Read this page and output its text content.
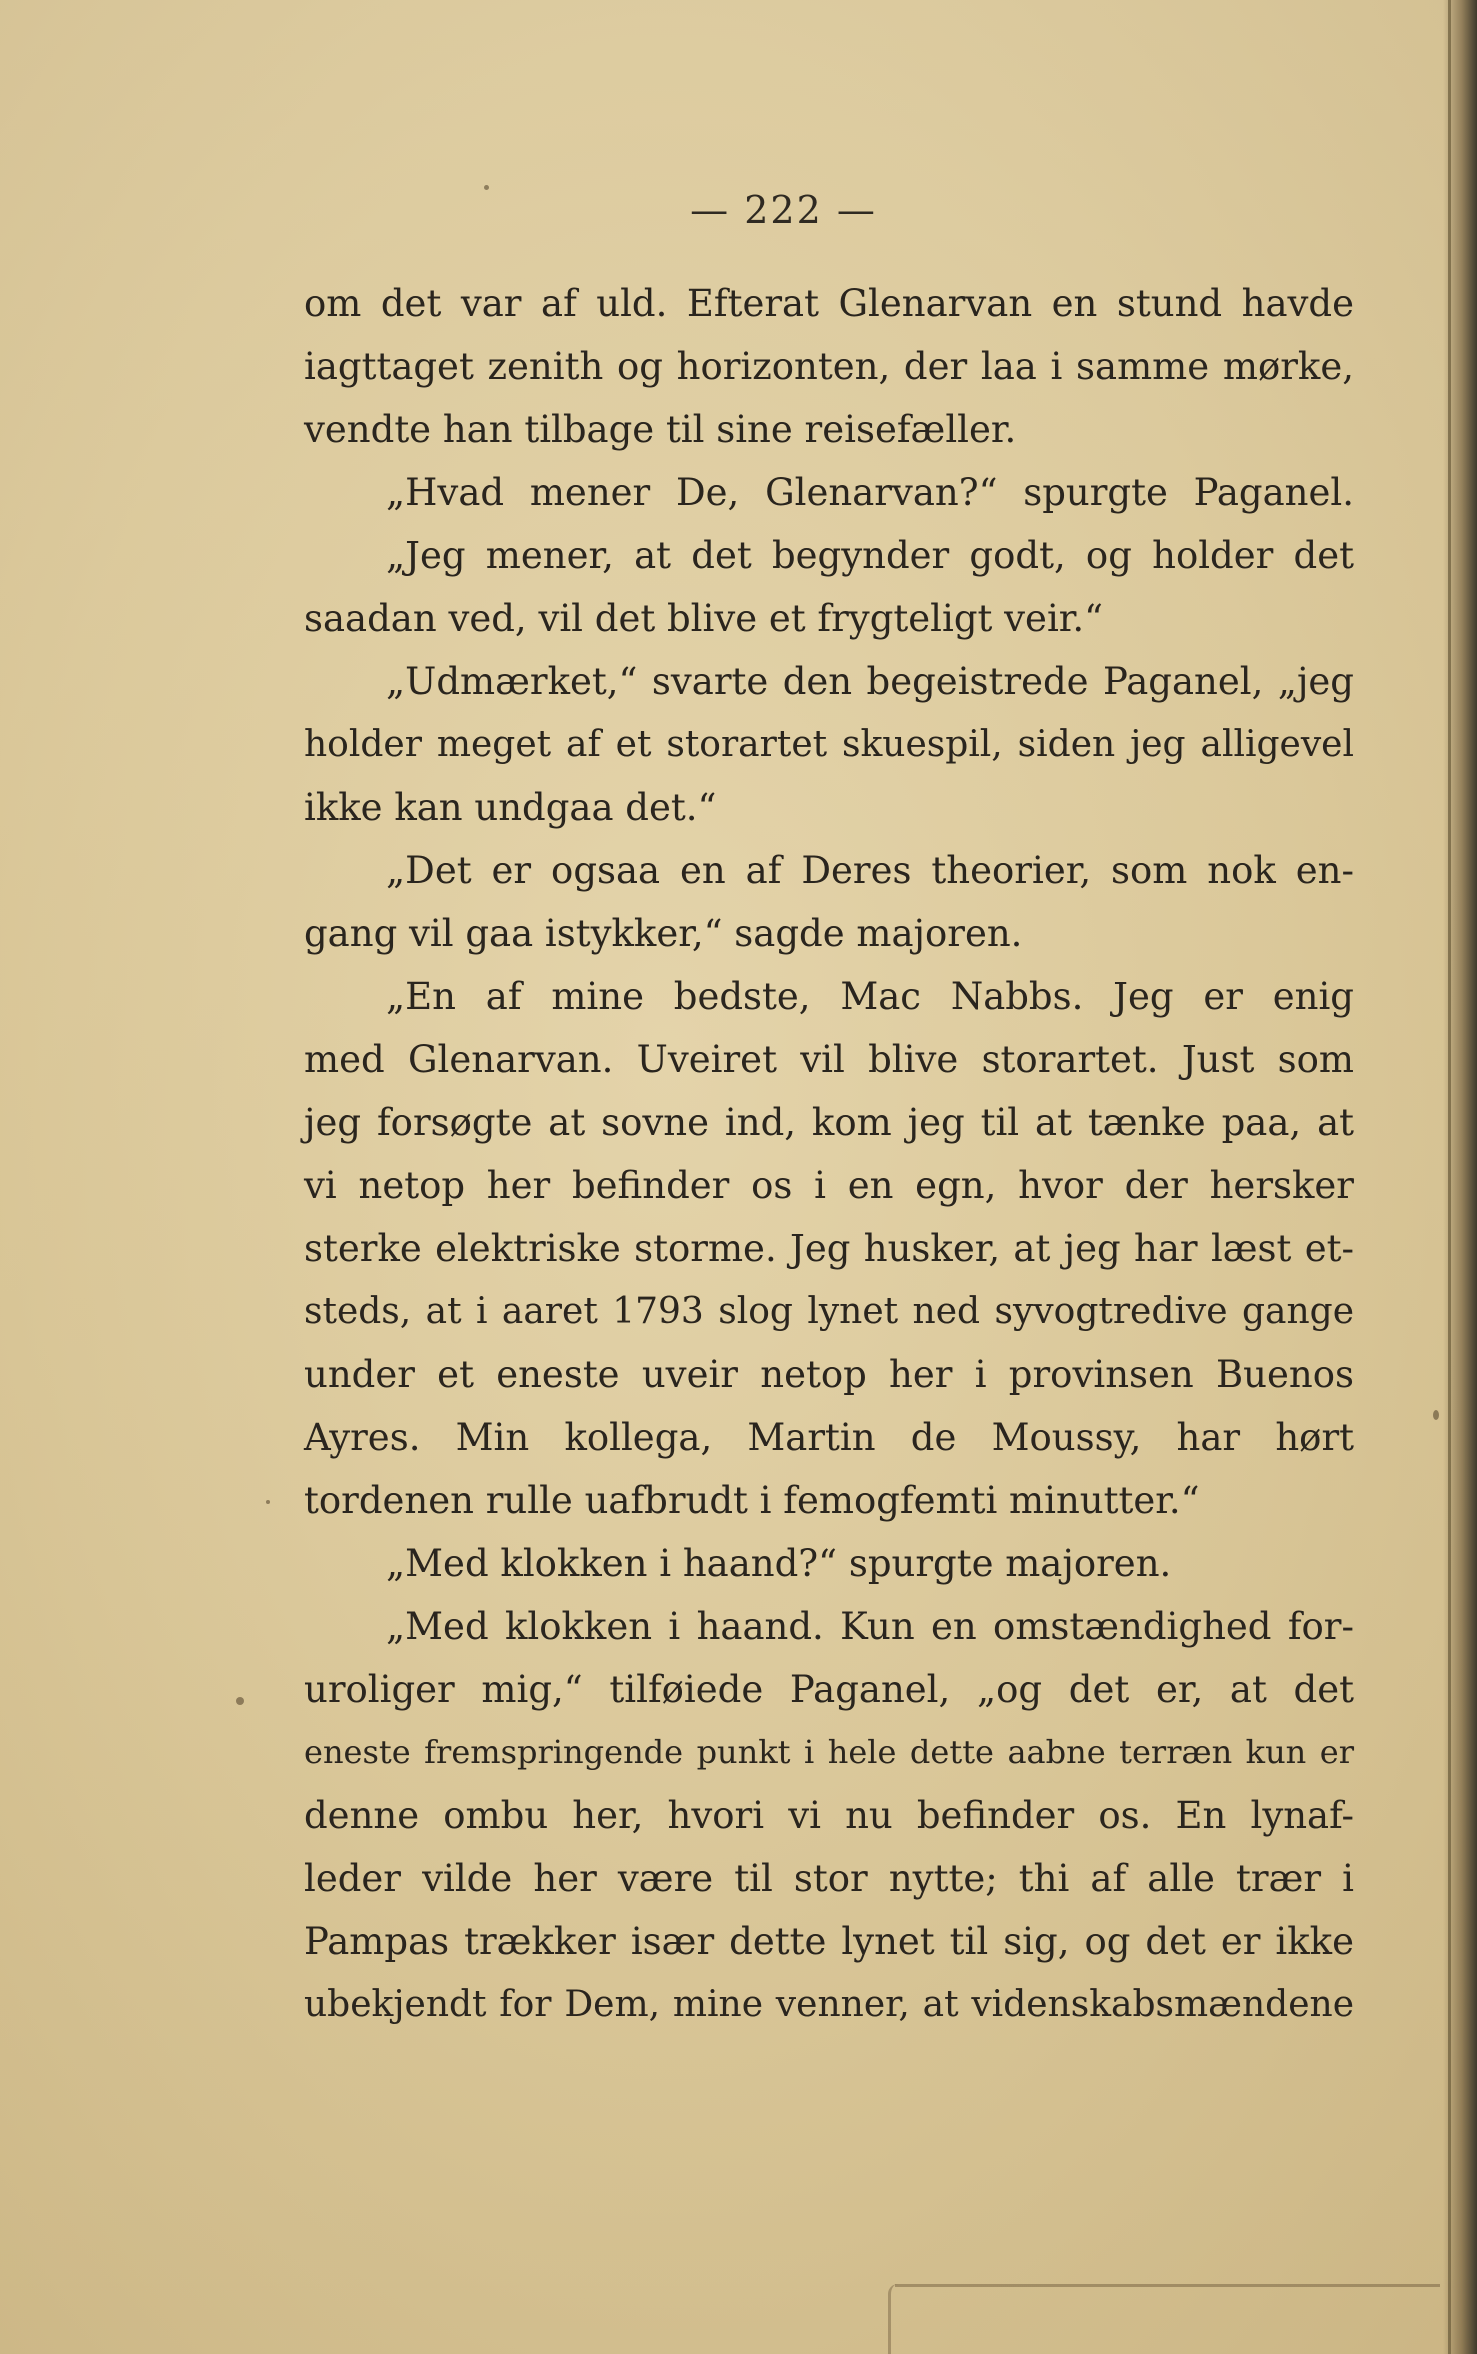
— 222 —
om det var af uld. Efterat Glenarvan en stund havde
iagttaget zenith og horizonten, der laa i samme mørke,
vendte han tilbage til sine reisefæller.
„Hvad mener De, Glenarvan?“ spurgte Paganel.
„Jeg mener, at det begynder godt, og holder det
saadan ved, vil det blive et frygteligt veir.“
„Udmærket,“ svarte den begeistrede Paganel, „jeg
holder meget af et storartet skuespil, siden jeg alligevel
ikke kan undgaa det.“
„Det er ogsaa en af Deres theorier, som nok en-
gang vil gaa istykker,“ sagde majoren.
„En af mine bedste, Mac Nabbs. Jeg er enig
med Glenarvan. Uveiret vil blive storartet. Just som
jeg forsøgte at sovne ind, kom jeg til at tænke paa, at
vi netop her befinder os i en egn, hvor der hersker
sterke elektriske storme. Jeg husker, at jeg har læst et-
steds, at i aaret 1793 slog lynet ned syvogtredive gange
under et eneste uveir netop her i provinsen Buenos
Ayres. Min kollega, Martin de Moussy, har hørt
tordenen rulle uafbrudt i femogfemti minutter.“
„Med klokken i haand?“ spurgte majoren.
„Med klokken i haand. Kun en omstændighed for-
uroliger mig,“ tilføiede Paganel, „og det er, at det
eneste fremspringende punkt i hele dette aabne terræn kun er
denne ombu her, hvori vi nu befinder os. En lynaf-
leder vilde her være til stor nytte; thi af alle trær i
Pampas trækker især dette lynet til sig, og det er ikke
ubekjendt for Dem, mine venner, at videnskabsmændene
